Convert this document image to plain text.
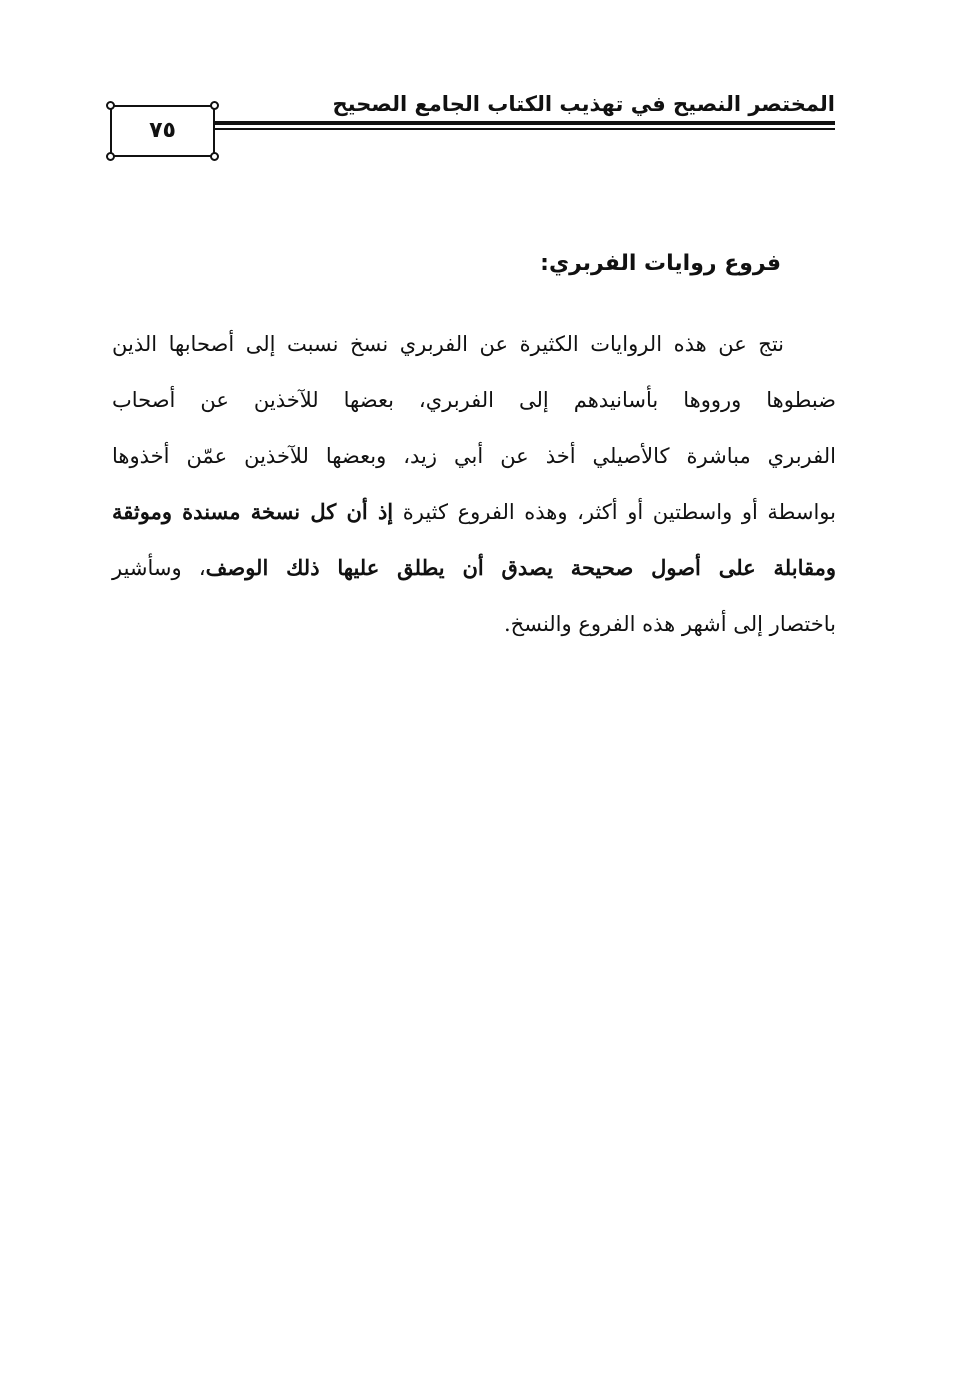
المختصر النصيح في تهذيب الكتاب الجامع الصحيح
٧٥
فروع روايات الفربري:
نتج عن هذه الروايات الكثيرة عن الفربري نسخ نسبت إلى أصحابها الذين
ضبطوها ورووها بأسانيدهم إلى الفربري، بعضها للآخذين عن أصحاب
الفربري مباشرة كالأصيلي أخذ عن أبي زيد، وبعضها للآخذين عمّن أخذوها
بواسطة أو واسطتين أو أكثر، وهذه الفروع كثيرة إذ أن كل نسخة مسندة وموثقة
ومقابلة على أصول صحيحة يصدق أن يطلق عليها ذلك الوصف، وسأشير
باختصار إلى أشهر هذه الفروع والنسخ.
